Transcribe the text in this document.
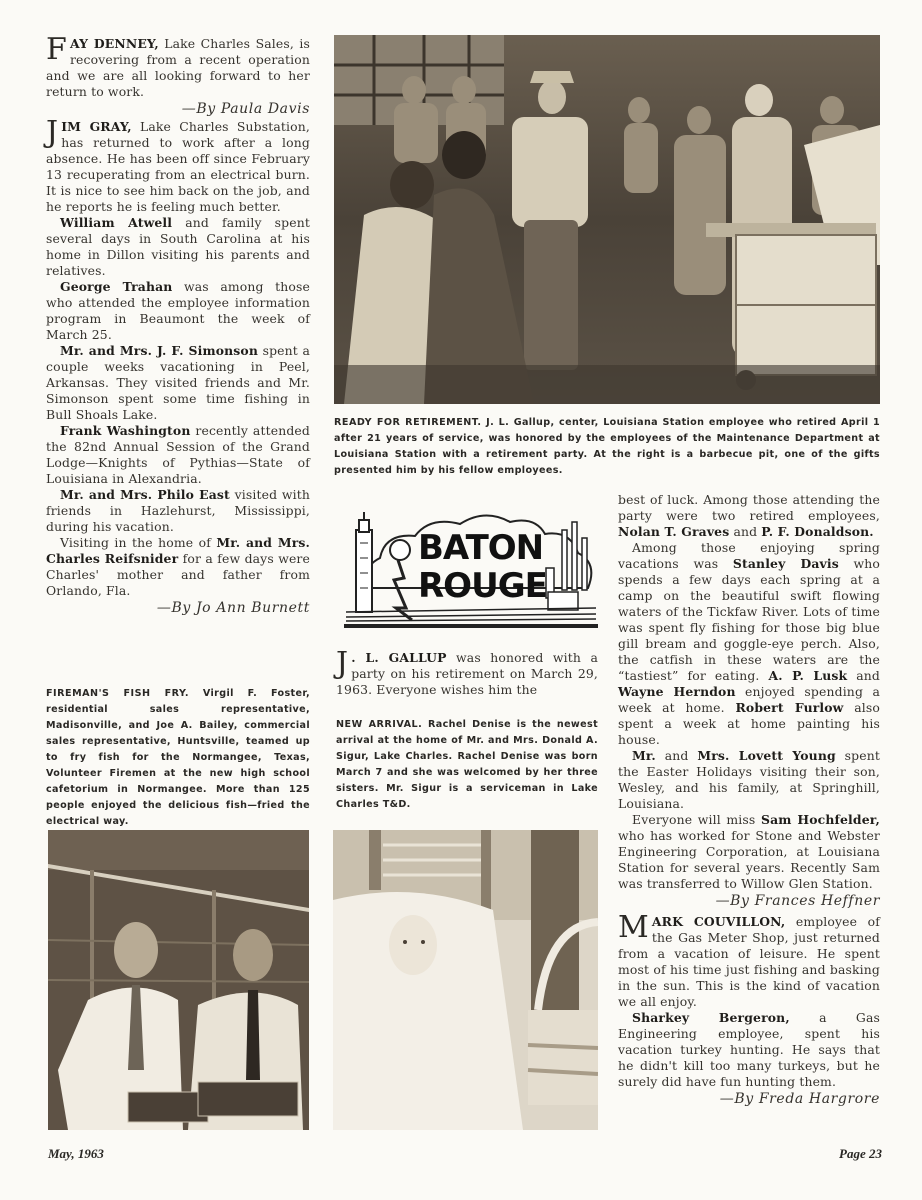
FAY DENNEY, Lake Charles Sales, is recovering from a recent operation and we are all looking forward to her return to work.

—By Paula Davis

JIM GRAY, Lake Charles Substation, has returned to work after a long absence. He has been off since February 13 recuperating from an electrical burn. It is nice to see him back on the job, and he reports he is feeling much better.

William Atwell and family spent several days in South Carolina at his home in Dillon visiting his parents and relatives.

George Trahan was among those who attended the employee information program in Beaumont the week of March 25.

Mr. and Mrs. J. F. Simonson spent a couple weeks vacationing in Peel, Arkansas. They visited friends and Mr. Simonson spent some time fishing in Bull Shoals Lake.

Frank Washington recently attended the 82nd Annual Session of the Grand Lodge—Knights of Pythias—State of Louisiana in Alexandria.

Mr. and Mrs. Philo East visited with friends in Hazlehurst, Mississippi, during his vacation.

Visiting in the home of Mr. and Mrs. Charles Reifsnider for a few days were Charles' mother and father from Orlando, Fla.

—By Jo Ann Burnett
FIREMAN'S FISH FRY. Virgil F. Foster, residential sales representative, Madisonville, and Joe A. Bailey, commercial sales representative, Huntsville, teamed up to fry fish for the Normangee, Texas, Volunteer Firemen at the new high school cafetorium in Normangee. More than 125 people enjoyed the delicious fish—fried the electrical way.
READY FOR RETIREMENT. J. L. Gallup, center, Louisiana Station employee who retired April 1 after 21 years of service, was honored by the employees of the Maintenance Department at Louisiana Station with a retirement party. At the right is a barbecue pit, one of the gifts presented him by his fellow employees.
BATON
ROUGE

J . L. GALLUP was honored with a party on his retirement on March 29, 1963. Everyone wishes him the

NEW ARRIVAL. Rachel Denise is the newest arrival at the home of Mr. and Mrs. Donald A. Sigur, Lake Charles. Rachel Denise was born March 7 and she was welcomed by her three sisters. Mr. Sigur is a serviceman in Lake Charles T&D.

best of luck. Among those attending the party were two retired employees, Nolan T. Graves and P. F. Donaldson.

Among those enjoying spring vacations was Stanley Davis who spends a few days each spring at a camp on the beautiful swift flowing waters of the Tickfaw River. Lots of time was spent fly fishing for those big blue gill bream and goggle-eye perch. Also, the catfish in these waters are the “tastiest” for eating. A. P. Lusk and Wayne Herndon enjoyed spending a week at home. Robert Furlow also spent a week at home painting his house.

Mr. and Mrs. Lovett Young spent the Easter Holidays visiting their son, Wesley, and his family, at Springhill, Louisiana.

Everyone will miss Sam Hochfelder, who has worked for Stone and Webster Engineering Corporation, at Louisiana Station for several years. Recently Sam was transferred to Willow Glen Station.

—By Frances Heffner

MARK COUVILLON, employee of the Gas Meter Shop, just returned from a vacation of leisure. He spent most of his time just fishing and basking in the sun. This is the kind of vacation we all enjoy.

Sharkey Bergeron, a Gas Engineering employee, spent his vacation turkey hunting. He says that he didn't kill too many turkeys, but he surely did have fun hunting them.

—By Freda Hargrore
May, 1963	Page 23
